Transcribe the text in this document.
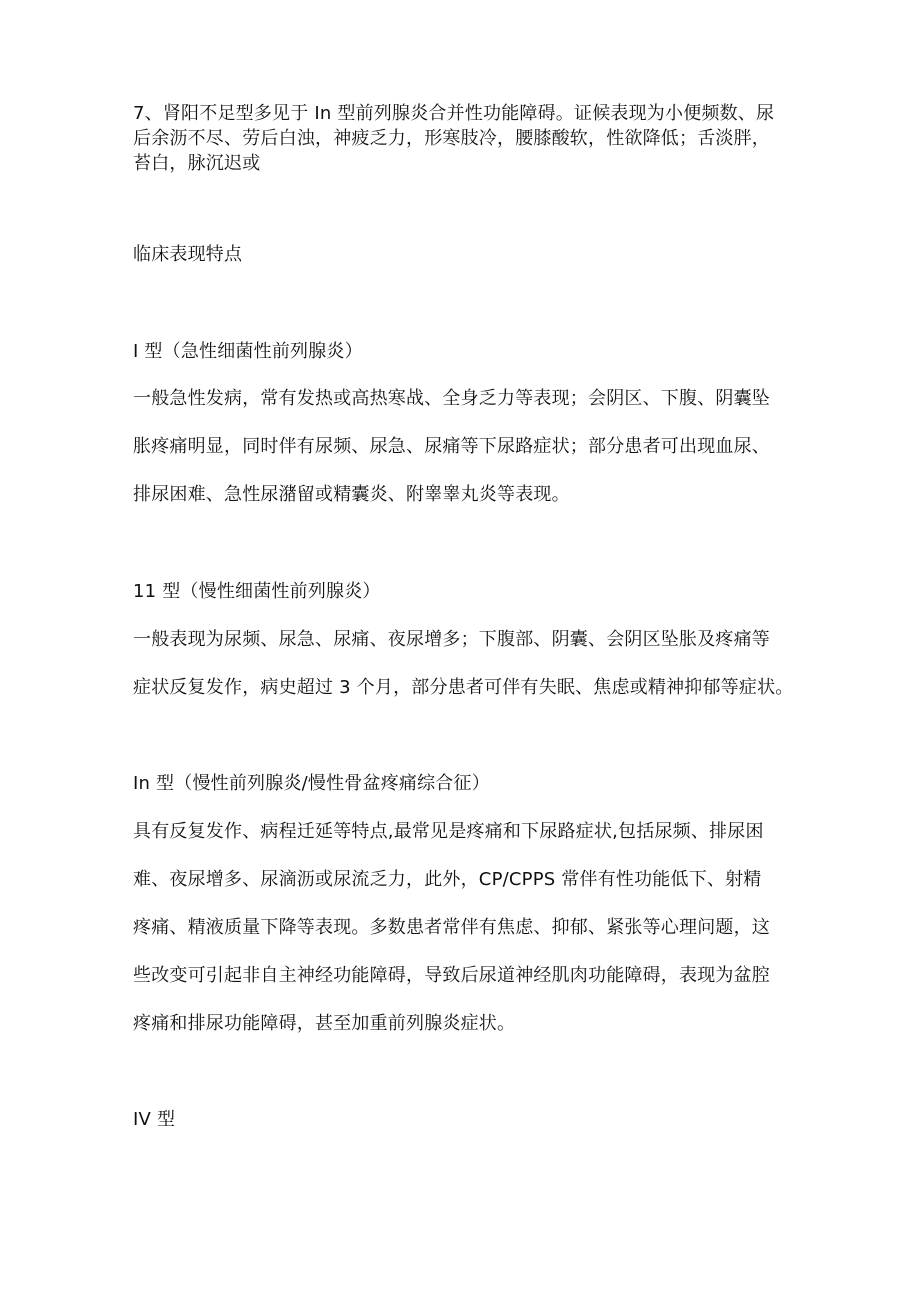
7、肾阳不足型多见于 In 型前列腺炎合并性功能障碍。证候表现为小便频数、尿
后余沥不尽、劳后白浊，神疲乏力，形寒肢冷，腰膝酸软，性欲降低；舌淡胖，
苔白，脉沉迟或
临床表现特点
I 型（急性细菌性前列腺炎）
一般急性发病，常有发热或高热寒战、全身乏力等表现；会阴区、下腹、阴囊坠
胀疼痛明显，同时伴有尿频、尿急、尿痛等下尿路症状；部分患者可出现血尿、
排尿困难、急性尿潴留或精囊炎、附睾睾丸炎等表现。
11 型（慢性细菌性前列腺炎）
一般表现为尿频、尿急、尿痛、夜尿增多；下腹部、阴囊、会阴区坠胀及疼痛等
症状反复发作，病史超过 3 个月，部分患者可伴有失眠、焦虑或精神抑郁等症状。
In 型（慢性前列腺炎/慢性骨盆疼痛综合征）
具有反复发作、病程迁延等特点,最常见是疼痛和下尿路症状,包括尿频、排尿困
难、夜尿增多、尿滴沥或尿流乏力，此外，CP/CPPS 常伴有性功能低下、射精
疼痛、精液质量下降等表现。多数患者常伴有焦虑、抑郁、紧张等心理问题，这
些改变可引起非自主神经功能障碍，导致后尿道神经肌肉功能障碍，表现为盆腔
疼痛和排尿功能障碍，甚至加重前列腺炎症状。
IV 型
